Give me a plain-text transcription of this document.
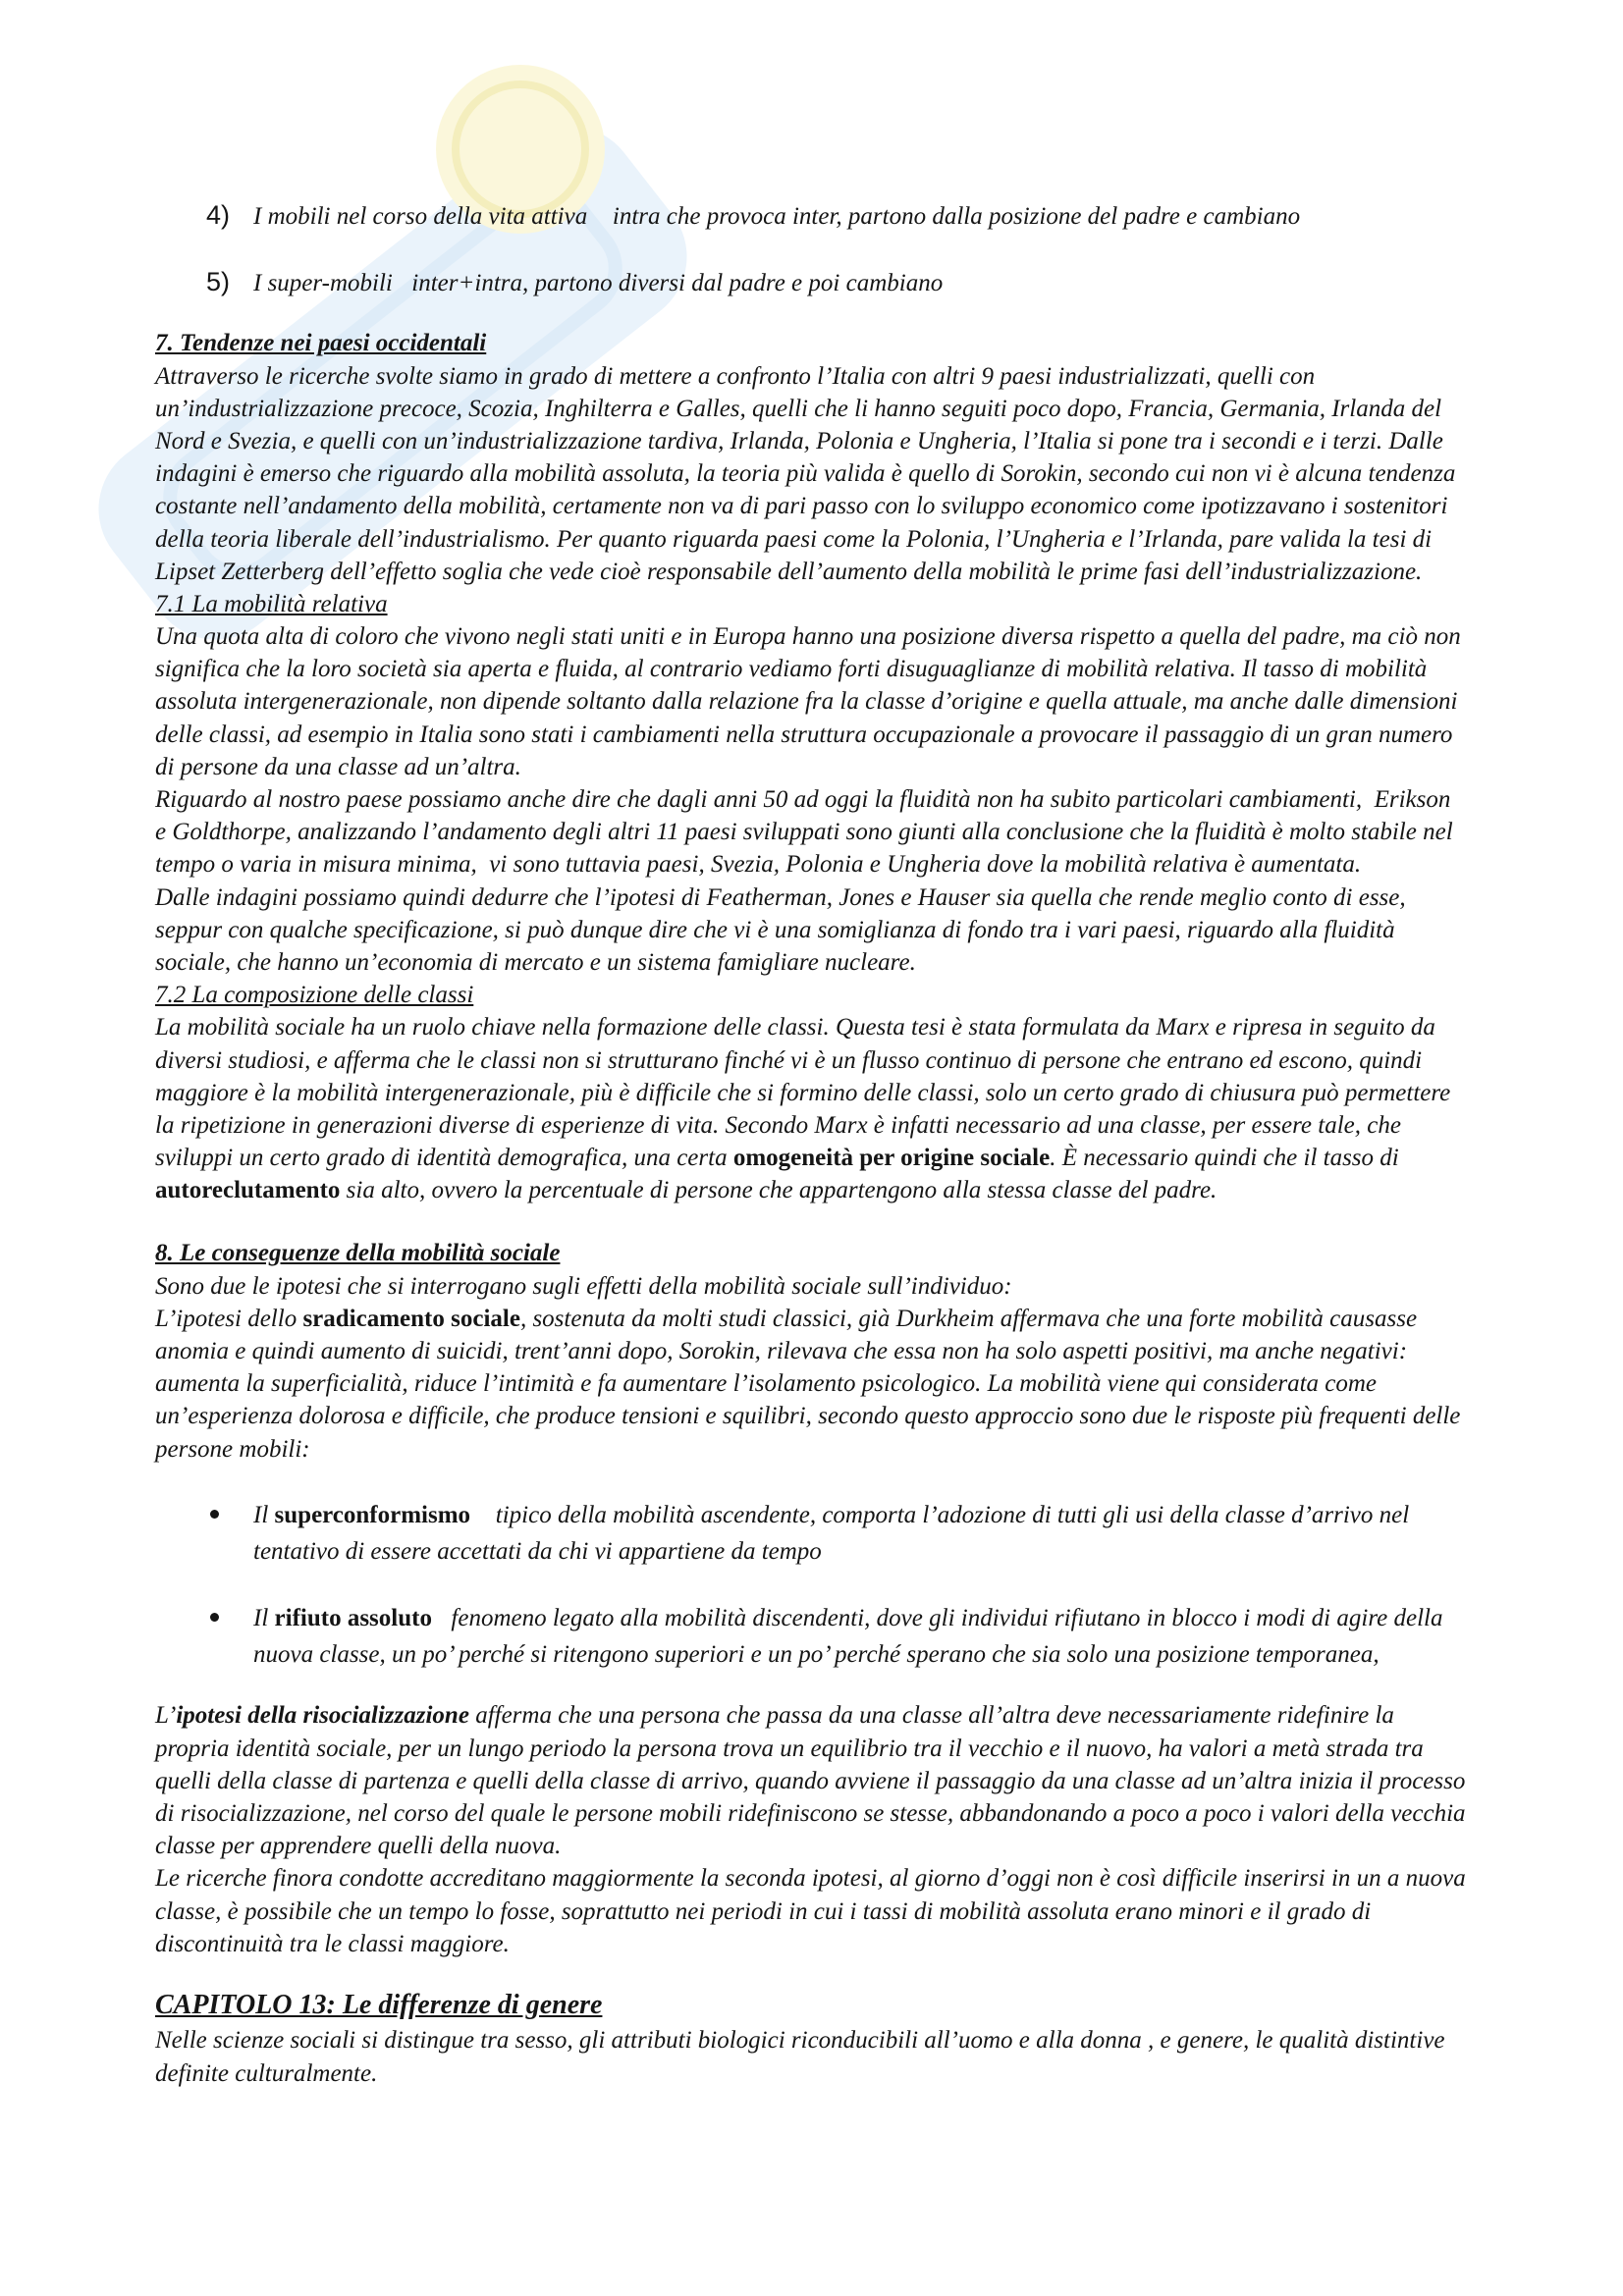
4) I mobili nel corso della vita attiva  intra che provoca inter, partono dalla posizione del padre e cambiano
5) I super-mobili inter+intra, partono diversi dal padre e poi cambiano
7. Tendenze nei paesi occidentali
Attraverso le ricerche svolte siamo in grado di mettere a confronto l’Italia con altri 9 paesi industrializzati, quelli con
un’industrializzazione precoce, Scozia, Inghilterra e Galles, quelli che li hanno seguiti poco dopo, Francia, Germania, Irlanda del
Nord e Svezia, e quelli con un’industrializzazione tardiva, Irlanda, Polonia e Ungheria, l’Italia si pone tra i secondi e i terzi. Dalle
indagini è emerso che riguardo alla mobilità assoluta, la teoria più valida è quello di Sorokin, secondo cui non vi è alcuna tendenza
costante nell’andamento della mobilità, certamente non va di pari passo con lo sviluppo economico come ipotizzavano i sostenitori
della teoria liberale dell’industrialismo. Per quanto riguarda paesi come la Polonia, l’Ungheria e l’Irlanda, pare valida la tesi di
Lipset Zetterberg dell’effetto soglia che vede cioè responsabile dell’aumento della mobilità le prime fasi dell’industrializzazione.
7.1 La mobilità relativa
Una quota alta di coloro che vivono negli stati uniti e in Europa hanno una posizione diversa rispetto a quella del padre, ma ciò non
significa che la loro società sia aperta e fluida, al contrario vediamo forti disuguaglianze di mobilità relativa. Il tasso di mobilità
assoluta intergenerazionale, non dipende soltanto dalla relazione fra la classe d’origine e quella attuale, ma anche dalle dimensioni
delle classi, ad esempio in Italia sono stati i cambiamenti nella struttura occupazionale a provocare il passaggio di un gran numero
di persone da una classe ad un’altra.
Riguardo al nostro paese possiamo anche dire che dagli anni 50 ad oggi la fluidità non ha subito particolari cambiamenti,  Erikson
e Goldthorpe, analizzando l’andamento degli altri 11 paesi sviluppati sono giunti alla conclusione che la fluidità è molto stabile nel
tempo o varia in misura minima,  vi sono tuttavia paesi, Svezia, Polonia e Ungheria dove la mobilità relativa è aumentata.
Dalle indagini possiamo quindi dedurre che l’ipotesi di Featherman, Jones e Hauser sia quella che rende meglio conto di esse,
seppur con qualche specificazione, si può dunque dire che vi è una somiglianza di fondo tra i vari paesi, riguardo alla fluidità
sociale, che hanno un’economia di mercato e un sistema famigliare nucleare.
7.2 La composizione delle classi
La mobilità sociale ha un ruolo chiave nella formazione delle classi. Questa tesi è stata formulata da Marx e ripresa in seguito da
diversi studiosi, e afferma che le classi non si strutturano finché vi è un flusso continuo di persone che entrano ed escono, quindi
maggiore è la mobilità intergenerazionale, più è difficile che si formino delle classi, solo un certo grado di chiusura può permettere
la ripetizione in generazioni diverse di esperienze di vita. Secondo Marx è infatti necessario ad una classe, per essere tale, che
sviluppi un certo grado di identità demografica, una certa omogeneità per origine sociale. È necessario quindi che il tasso di
autoreclutamento sia alto, ovvero la percentuale di persone che appartengono alla stessa classe del padre.
8. Le conseguenze della mobilità sociale
Sono due le ipotesi che si interrogano sugli effetti della mobilità sociale sull’individuo:
L’ipotesi dello sradicamento sociale, sostenuta da molti studi classici, già Durkheim affermava che una forte mobilità causasse
anomia e quindi aumento di suicidi, trent’anni dopo, Sorokin, rilevava che essa non ha solo aspetti positivi, ma anche negativi:
aumenta la superficialità, riduce l’intimità e fa aumentare l’isolamento psicologico. La mobilità viene qui considerata come
un’esperienza dolorosa e difficile, che produce tensioni e squilibri, secondo questo approccio sono due le risposte più frequenti delle
persone mobili:
Il superconformismo  tipico della mobilità ascendente, comporta l’adozione di tutti gli usi della classe d’arrivo nel
tentativo di essere accettati da chi vi appartiene da tempo
Il rifiuto assoluto fenomeno legato alla mobilità discendenti, dove gli individui rifiutano in blocco i modi di agire della
nuova classe, un po’ perché si ritengono superiori e un po’ perché sperano che sia solo una posizione temporanea,
L’ipotesi della risocializzazione afferma che una persona che passa da una classe all’altra deve necessariamente ridefinire la
propria identità sociale, per un lungo periodo la persona trova un equilibrio tra il vecchio e il nuovo, ha valori a metà strada tra
quelli della classe di partenza e quelli della classe di arrivo, quando avviene il passaggio da una classe ad un’altra inizia il processo
di risocializzazione, nel corso del quale le persone mobili ridefiniscono se stesse, abbandonando a poco a poco i valori della vecchia
classe per apprendere quelli della nuova.
Le ricerche finora condotte accreditano maggiormente la seconda ipotesi, al giorno d’oggi non è così difficile inserirsi in un a nuova
classe, è possibile che un tempo lo fosse, soprattutto nei periodi in cui i tassi di mobilità assoluta erano minori e il grado di
discontinuità tra le classi maggiore.
CAPITOLO 13: Le differenze di genere
Nelle scienze sociali si distingue tra sesso, gli attributi biologici riconducibili all’uomo e alla donna , e genere, le qualità distintive
definite culturalmente.
